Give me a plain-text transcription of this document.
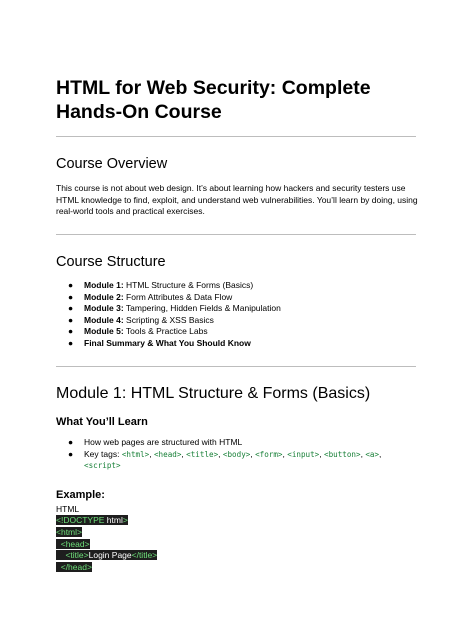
HTML for Web Security: Complete Hands-On Course
Course Overview

This course is not about web design. It’s about learning how hackers and security testers use HTML knowledge to find, exploit, and understand web vulnerabilities. You’ll learn by doing, using real-world tools and practical exercises.

Course Structure
● Module 1: HTML Structure & Forms (Basics)
● Module 2: Form Attributes & Data Flow
● Module 3: Tampering, Hidden Fields & Manipulation
● Module 4: Scripting & XSS Basics
● Module 5: Tools & Practice Labs
● Final Summary & What You Should Know
Module 1: HTML Structure & Forms (Basics)
What You’ll Learn
● How web pages are structured with HTML
● Key tags: <html>, <head>, <title>, <body>, <form>, <input>, <button>, <a>,
<script>
Example:
HTML
<!DOCTYPE html>
<html>
<head>
<title>Login Page</title>
</head>
